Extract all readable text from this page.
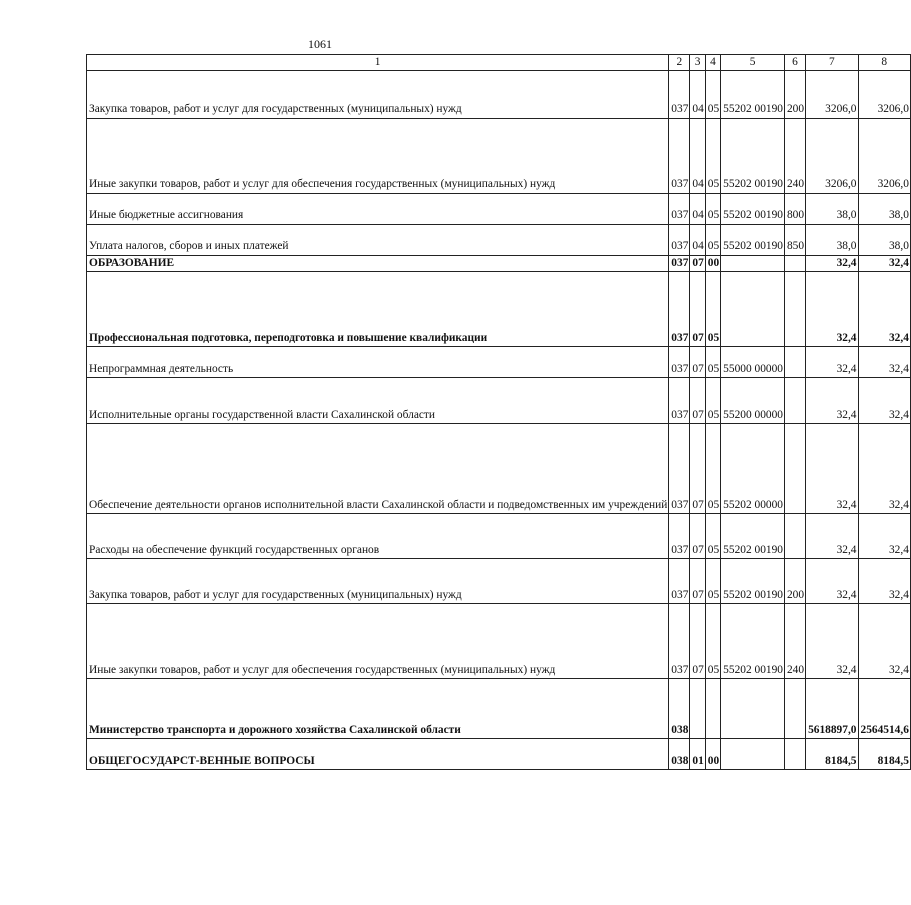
1061
1	2	3	4	5	6	7	8
Закупка товаров, работ и услуг для государственных (муниципальных) нужд	037	04	05	55202 00190	200	3206,0	3206,0
Иные закупки товаров, работ и услуг для обеспечения государственных (муниципальных) нужд	037	04	05	55202 00190	240	3206,0	3206,0
Иные бюджетные ассигнования	037	04	05	55202 00190	800	38,0	38,0
Уплата налогов, сборов и иных платежей	037	04	05	55202 00190	850	38,0	38,0
ОБРАЗОВАНИЕ	037	07	00			32,4	32,4
Профессиональная подготовка, переподготовка и повышение квалификации	037	07	05			32,4	32,4
Непрограммная деятельность	037	07	05	55000 00000		32,4	32,4
Исполнительные органы государственной власти Сахалинской области	037	07	05	55200 00000		32,4	32,4
Обеспечение деятельности органов исполнительной власти Сахалинской области и подведомственных им учреждений	037	07	05	55202 00000		32,4	32,4
Расходы на обеспечение функций государственных органов	037	07	05	55202 00190		32,4	32,4
Закупка товаров, работ и услуг для государственных (муниципальных) нужд	037	07	05	55202 00190	200	32,4	32,4
Иные закупки товаров, работ и услуг для обеспечения государственных (муниципальных) нужд	037	07	05	55202 00190	240	32,4	32,4
Министерство транспорта и дорожного хозяйства Сахалинской области	038					5618897,0	2564514,6
ОБЩЕГОСУДАРСТ-ВЕННЫЕ ВОПРОСЫ	038	01	00			8184,5	8184,5
